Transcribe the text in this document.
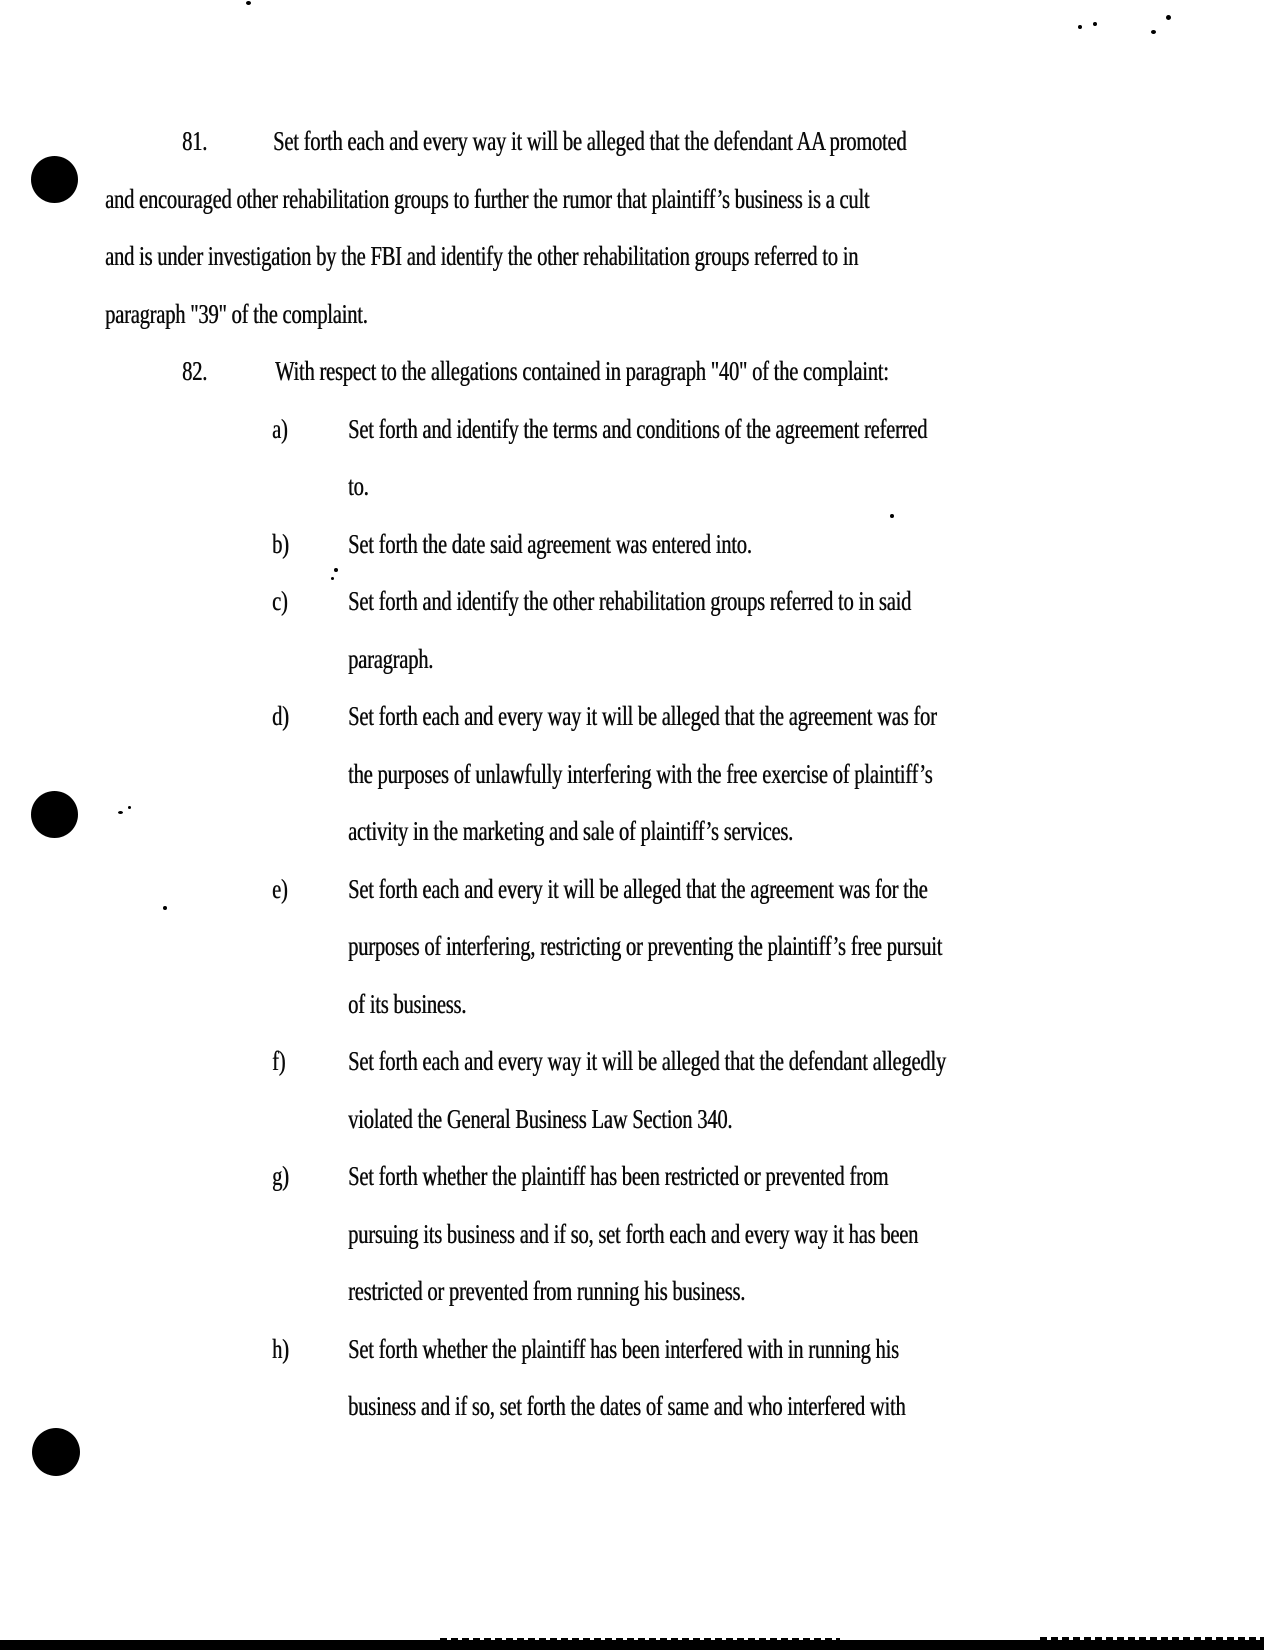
81.	Set forth each and every way it will be alleged that the defendant AA promoted
and encouraged other rehabilitation groups to further the rumor that plaintiff’s business is a cult
and is under investigation by the FBI and identify the other rehabilitation groups referred to in
paragraph "39" of the complaint.
82.	With respect to the allegations contained in paragraph "40" of the complaint:
a)	Set forth and identify the terms and conditions of the agreement referred
to.
b)	Set forth the date said agreement was entered into.
c)	Set forth and identify the other rehabilitation groups referred to in said
paragraph.
d)	Set forth each and every way it will be alleged that the agreement was for
the purposes of unlawfully interfering with the free exercise of plaintiff’s
activity in the marketing and sale of plaintiff’s services.
e)	Set forth each and every it will be alleged that the agreement was for the
purposes of interfering, restricting or preventing the plaintiff’s free pursuit
of its business.
f)	Set forth each and every way it will be alleged that the defendant allegedly
violated the General Business Law Section 340.
g)	Set forth whether the plaintiff has been restricted or prevented from
pursuing its business and if so, set forth each and every way it has been
restricted or prevented from running his business.
h)	Set forth whether the plaintiff has been interfered with in running his
business and if so, set forth the dates of same and who interfered with
